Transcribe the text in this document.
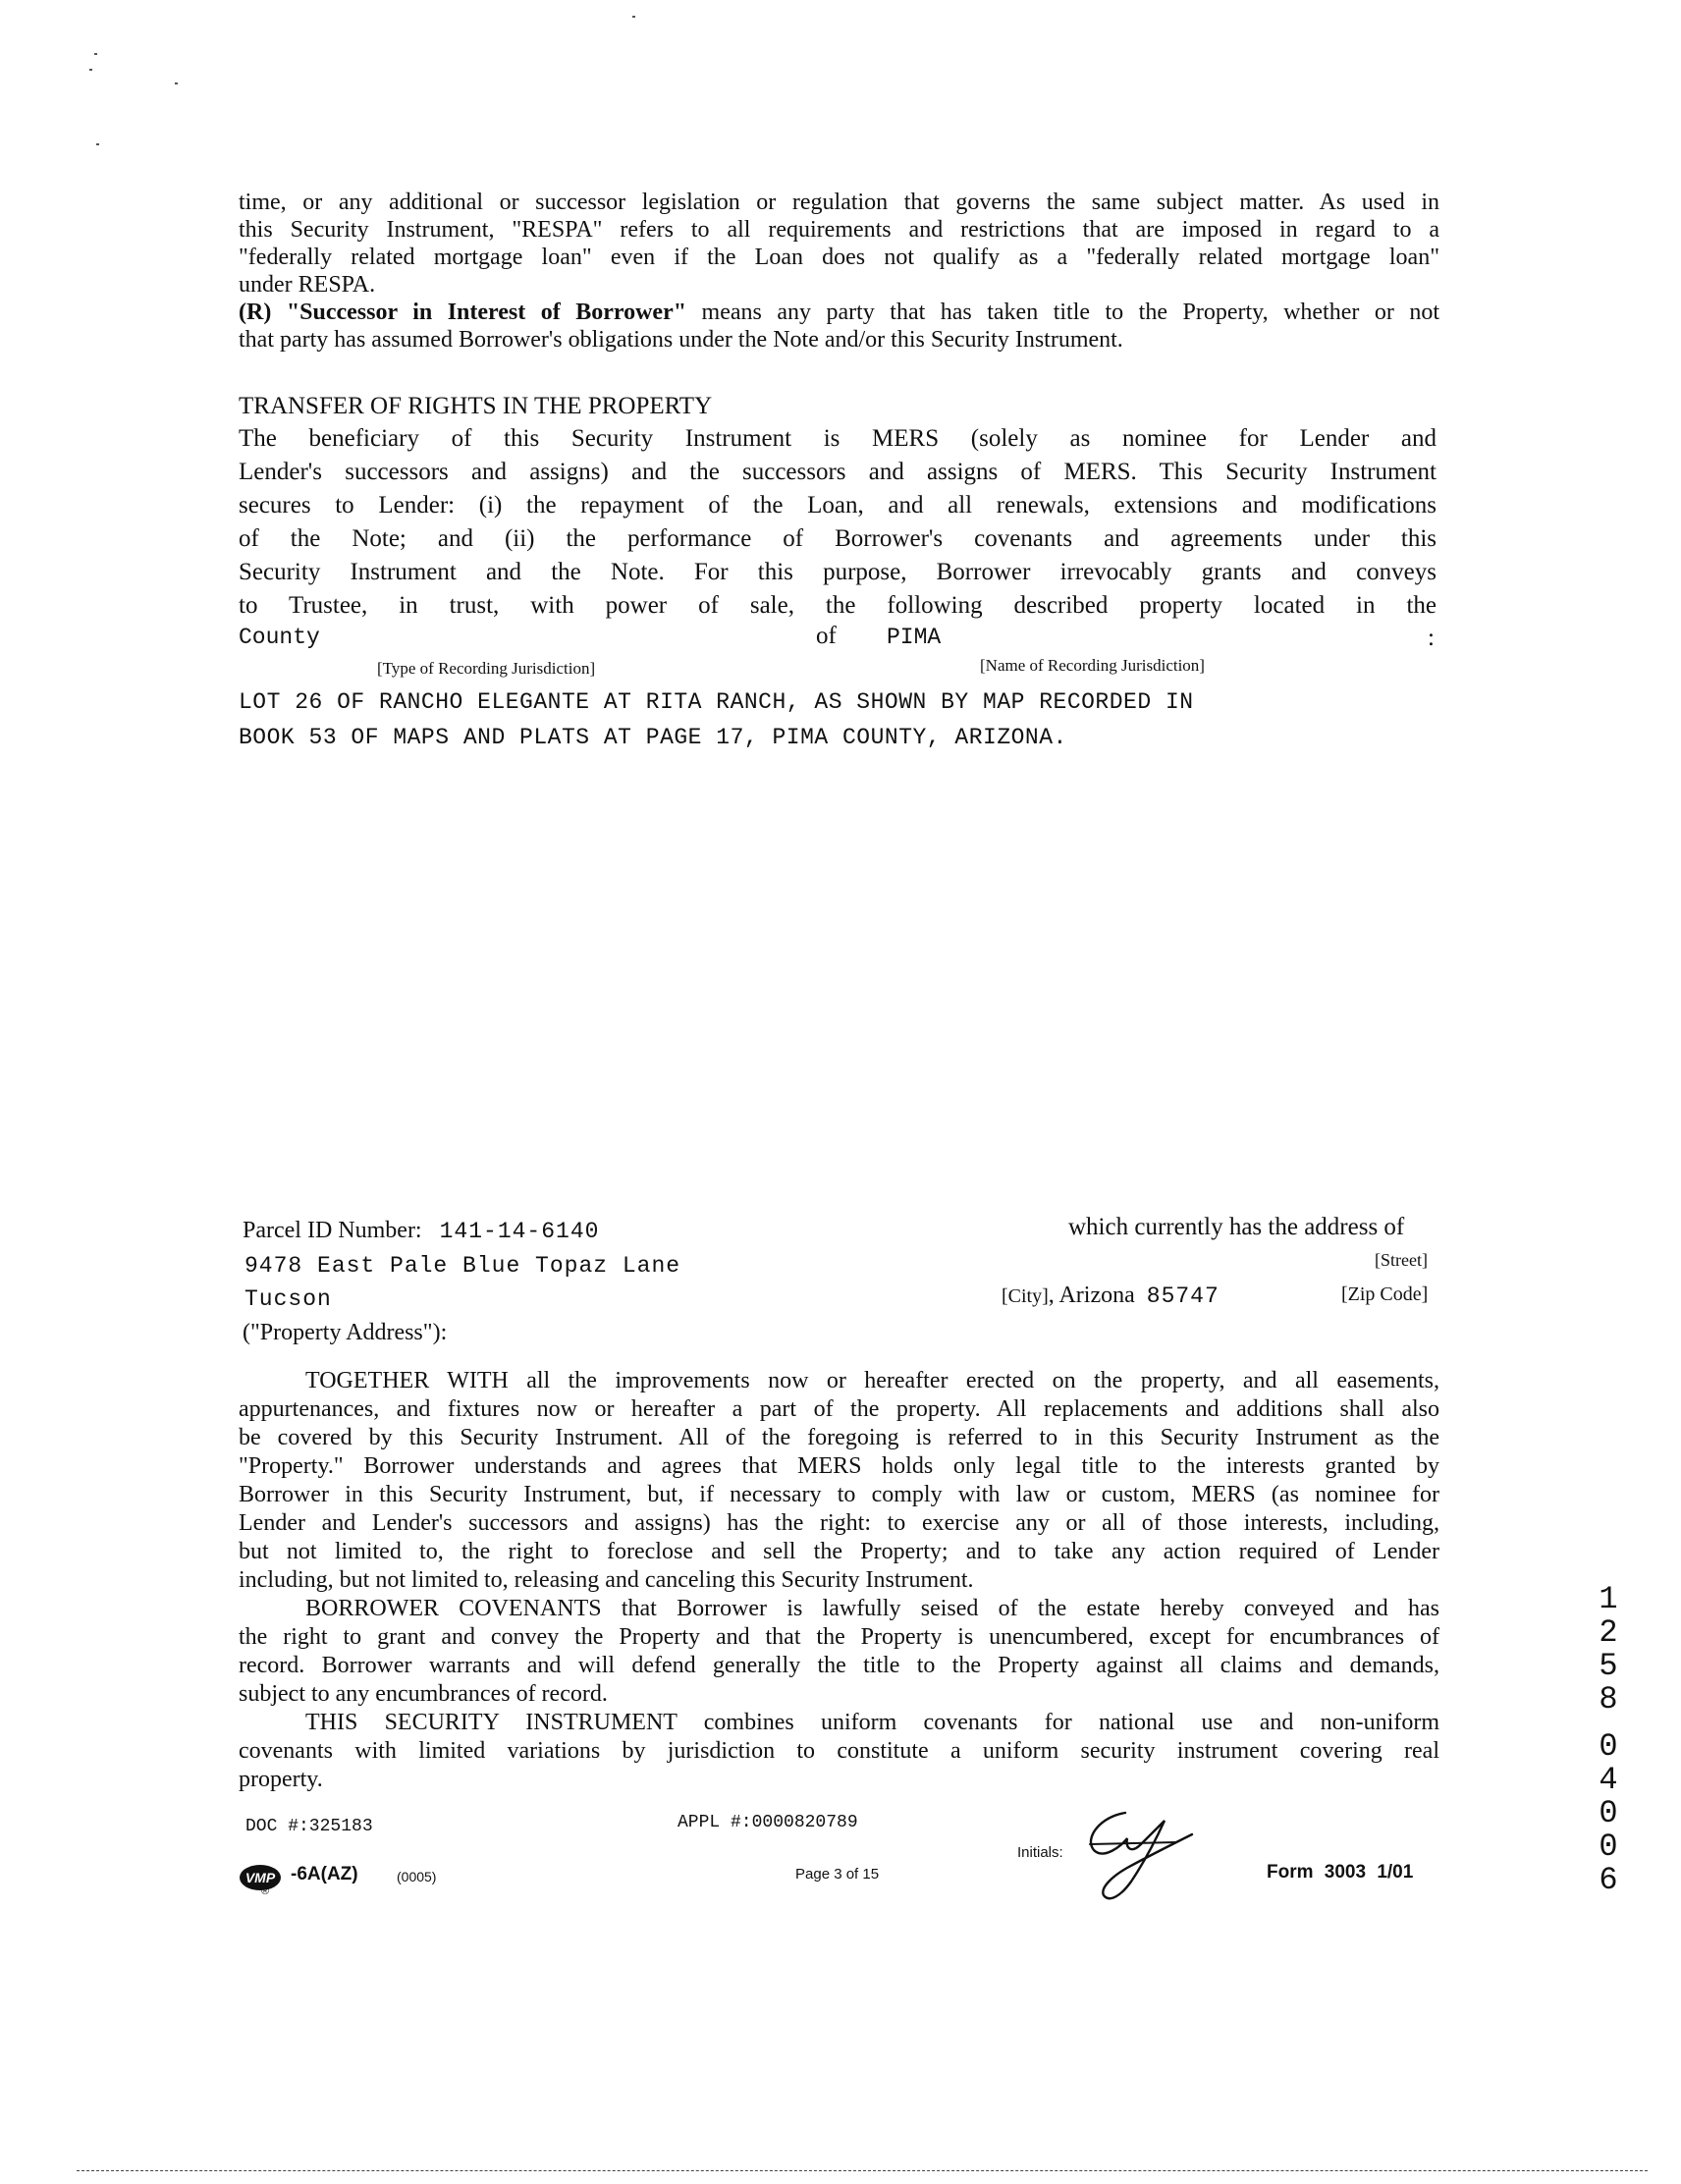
time, or any additional or successor legislation or regulation that governs the same subject matter. As used in
this Security Instrument, "RESPA" refers to all requirements and restrictions that are imposed in regard to a
"federally related mortgage loan" even if the Loan does not qualify as a "federally related mortgage loan"
under RESPA.
(R) "Successor in Interest of Borrower" means any party that has taken title to the Property, whether or not
that party has assumed Borrower's obligations under the Note and/or this Security Instrument.
TRANSFER OF RIGHTS IN THE PROPERTY
The beneficiary of this Security Instrument is MERS (solely as nominee for Lender and
Lender's successors and assigns) and the successors and assigns of MERS. This Security Instrument
secures to Lender: (i) the repayment of the Loan, and all renewals, extensions and modifications
of the Note; and (ii) the performance of Borrower's covenants and agreements under this
Security Instrument and the Note. For this purpose, Borrower irrevocably grants and conveys
to Trustee, in trust, with power of sale, the following described property located in the
County	of PIMA	:
[Type of Recording Jurisdiction]	[Name of Recording Jurisdiction]
LOT 26 OF RANCHO ELEGANTE AT RITA RANCH, AS SHOWN BY MAP RECORDED IN
BOOK 53 OF MAPS AND PLATS AT PAGE 17, PIMA COUNTY, ARIZONA.
Parcel ID Number: 141-14-6140	which currently has the address of
9478 East Pale Blue Topaz Lane	[Street]
Tucson	[City], Arizona 85747	[Zip Code]
("Property Address"):
TOGETHER WITH all the improvements now or hereafter erected on the property, and all easements,
appurtenances, and fixtures now or hereafter a part of the property. All replacements and additions shall also
be covered by this Security Instrument. All of the foregoing is referred to in this Security Instrument as the
"Property." Borrower understands and agrees that MERS holds only legal title to the interests granted by
Borrower in this Security Instrument, but, if necessary to comply with law or custom, MERS (as nominee for
Lender and Lender's successors and assigns) has the right: to exercise any or all of those interests, including,
but not limited to, the right to foreclose and sell the Property; and to take any action required of Lender
including, but not limited to, releasing and canceling this Security Instrument.
BORROWER COVENANTS that Borrower is lawfully seised of the estate hereby conveyed and has
the right to grant and convey the Property and that the Property is unencumbered, except for encumbrances of
record. Borrower warrants and will defend generally the title to the Property against all claims and demands,
subject to any encumbrances of record.
THIS SECURITY INSTRUMENT combines uniform covenants for national use and non-uniform
covenants with limited variations by jurisdiction to constitute a uniform security instrument covering real
property.
DOC #:325183	APPL #:0000820789
Initials:
VMP
®
-6A(AZ)	(0005)	Page 3 of 15	Form 3003 1/01
1
2
5
8
0
4
0
0
6
